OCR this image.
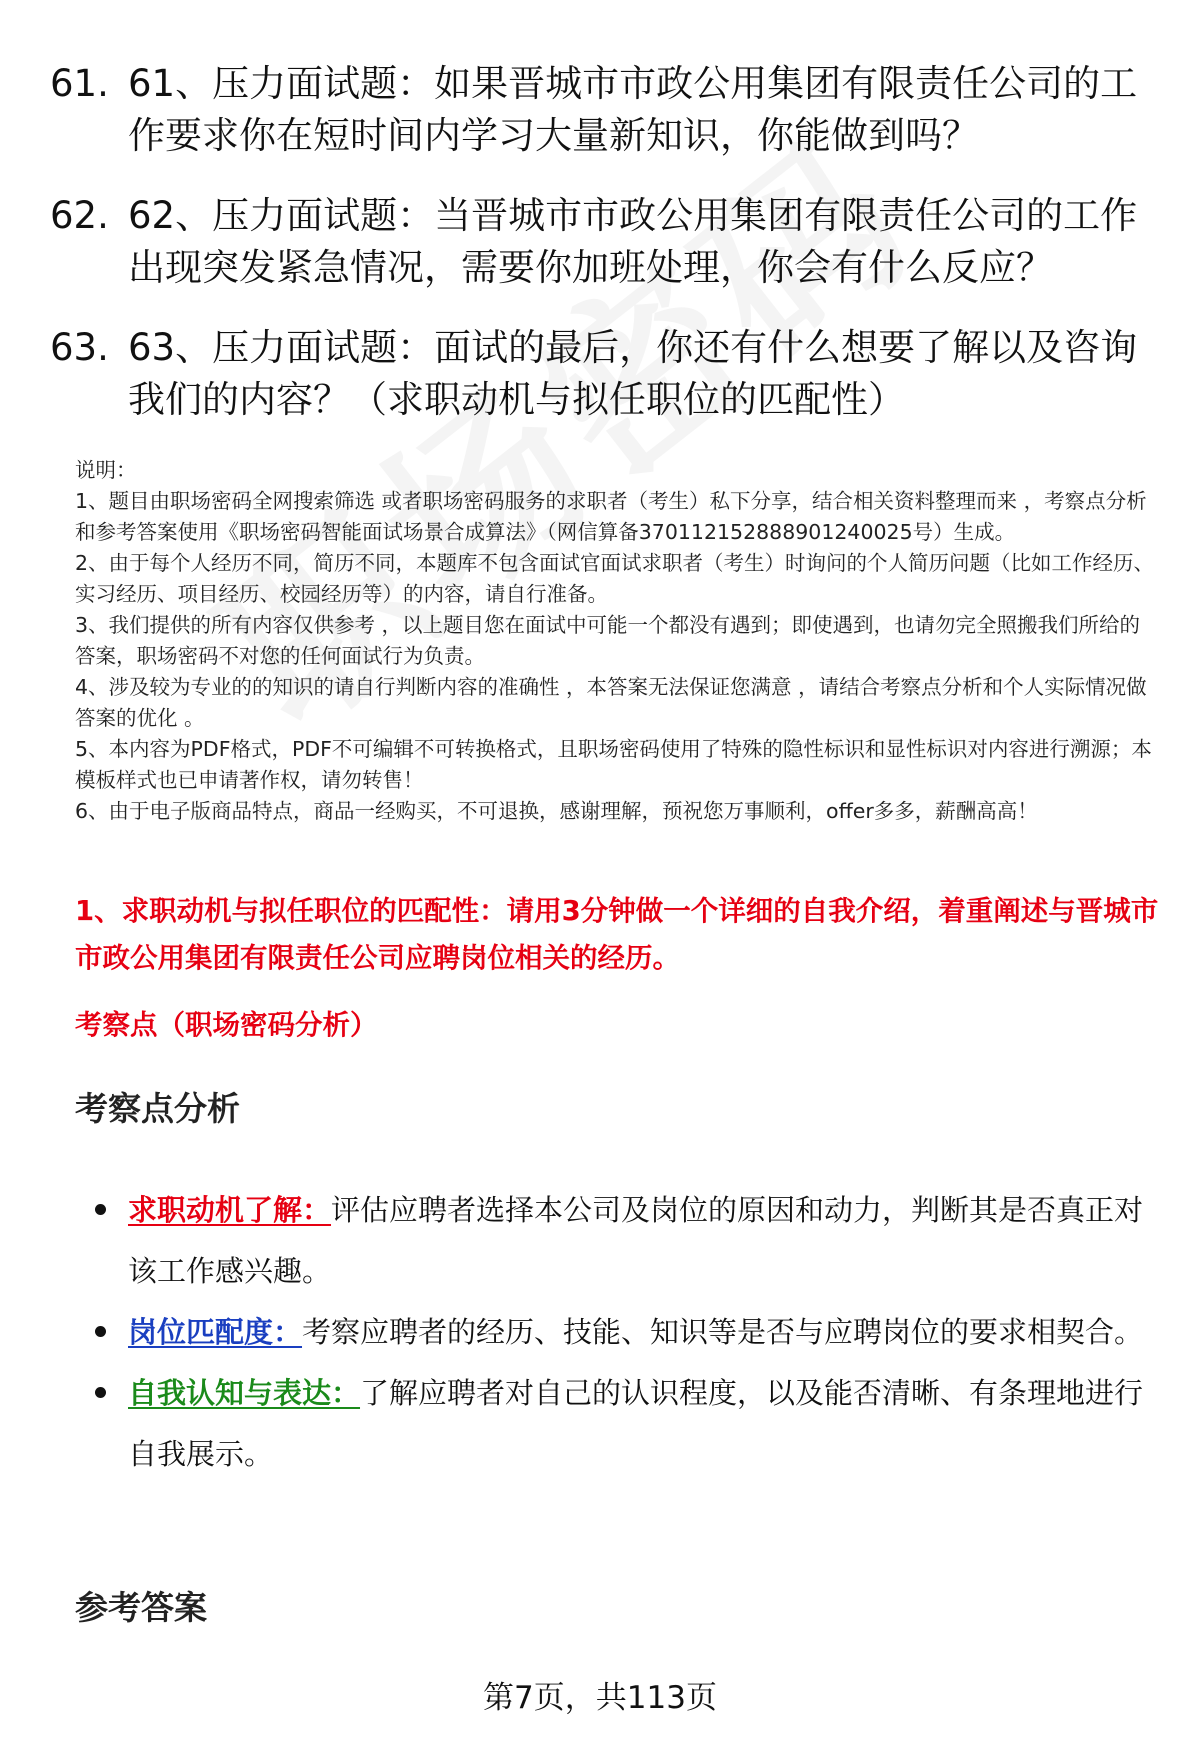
61. 61、压力面试题：如果晋城市市政公用集团有限责任公司的工作要求你在短时间内学习大量新知识，你能做到吗？
62. 62、压力面试题：当晋城市市政公用集团有限责任公司的工作出现突发紧急情况，需要你加班处理，你会有什么反应？
63. 63、压力面试题：面试的最后，你还有什么想要了解以及咨询我们的内容？（求职动机与拟任职位的匹配性）

说明：

1、题目由职场密码全网搜索筛选 或者职场密码服务的求职者（考生）私下分享，结合相关资料整理而来 ，考察点分析和参考答案使用《职场密码智能面试场景合成算法》（网信算备370112152888901240025号）生成。

2、由于每个人经历不同，简历不同，本题库不包含面试官面试求职者（考生）时询问的个人简历问题（比如工作经历、实习经历、项目经历、校园经历等）的内容，请自行准备。

3、我们提供的所有内容仅供参考 ，以上题目您在面试中可能一个都没有遇到；即使遇到，也请勿完全照搬我们所给的答案，职场密码不对您的任何面试行为负责。

4、涉及较为专业的的知识的请自行判断内容的准确性 ，本答案无法保证您满意 ，请结合考察点分析和个人实际情况做答案的优化 。

5、本内容为PDF格式，PDF不可编辑不可转换格式，且职场密码使用了特殊的隐性标识和显性标识对内容进行溯源；本模板样式也已申请著作权，请勿转售！

6、由于电子版商品特点，商品一经购买，不可退换，感谢理解，预祝您万事顺利，offer多多，薪酬高高！

1、求职动机与拟任职位的匹配性：请用3分钟做一个详细的自我介绍，着重阐述与晋城市市政公用集团有限责任公司应聘岗位相关的经历。
考察点（职场密码分析）
考察点分析
求职动机了解：评估应聘者选择本公司及岗位的原因和动力，判断其是否真正对该工作感兴趣。
岗位匹配度：考察应聘者的经历、技能、知识等是否与应聘岗位的要求相契合。
自我认知与表达：了解应聘者对自己的认识程度，以及能否清晰、有条理地进行自我展示。
参考答案
第7页，共113页
